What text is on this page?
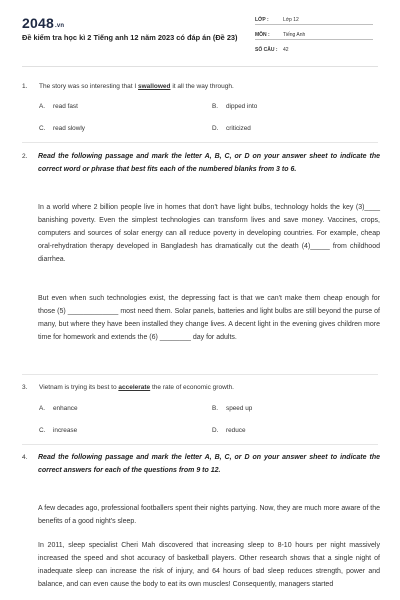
2048.vn
Đề kiểm tra học kì 2 Tiếng anh 12 năm 2023 có đáp án (Đề 23)
LỚP :	Lớp 12
MÔN :	Tiếng Anh
SỐ CÂU : 42
1. The story was so interesting that I swallowed it all the way through.
A. read fast	B. dipped into
C. read slowly	D. criticized
2. Read the following passage and mark the letter A, B, C, or D on your answer sheet to indicate the correct word or phrase that best fits each of the numbered blanks from 3 to 6.
In a world where 2 billion people live in homes that don't have light bulbs, technology holds the key (3)____ banishing poverty. Even the simplest technologies can transform lives and save money. Vaccines, crops, computers and sources of solar energy can all reduce poverty in developing countries. For example, cheap oral-rehydration therapy developed in Bangladesh has dramatically cut the death (4)_____ from childhood diarrhea.
But even when such technologies exist, the depressing fact is that we can't make them cheap enough for those (5) _____________ most need them. Solar panels, batteries and light bulbs are still beyond the purse of many, but where they have been installed they change lives. A decent light in the evening gives children more time for homework and extends the (6) ________ day for adults.
3. Vietnam is trying its best to accelerate the rate of economic growth.
A. enhance	B. speed up
C. increase	D. reduce
4. Read the following passage and mark the letter A, B, C, or D on your answer sheet to indicate the correct answers for each of the questions from 9 to 12.
A few decades ago, professional footballers spent their nights partying. Now, they are much more aware of the benefits of a good night's sleep.
In 2011, sleep specialist Cheri Mah discovered that increasing sleep to 8-10 hours per night massively increased the speed and shot accuracy of basketball players. Other research shows that a single night of inadequate sleep can increase the risk of injury, and 64 hours of bad sleep reduces strength, power and balance, and can even cause the body to eat its own muscles! Consequently, managers started
